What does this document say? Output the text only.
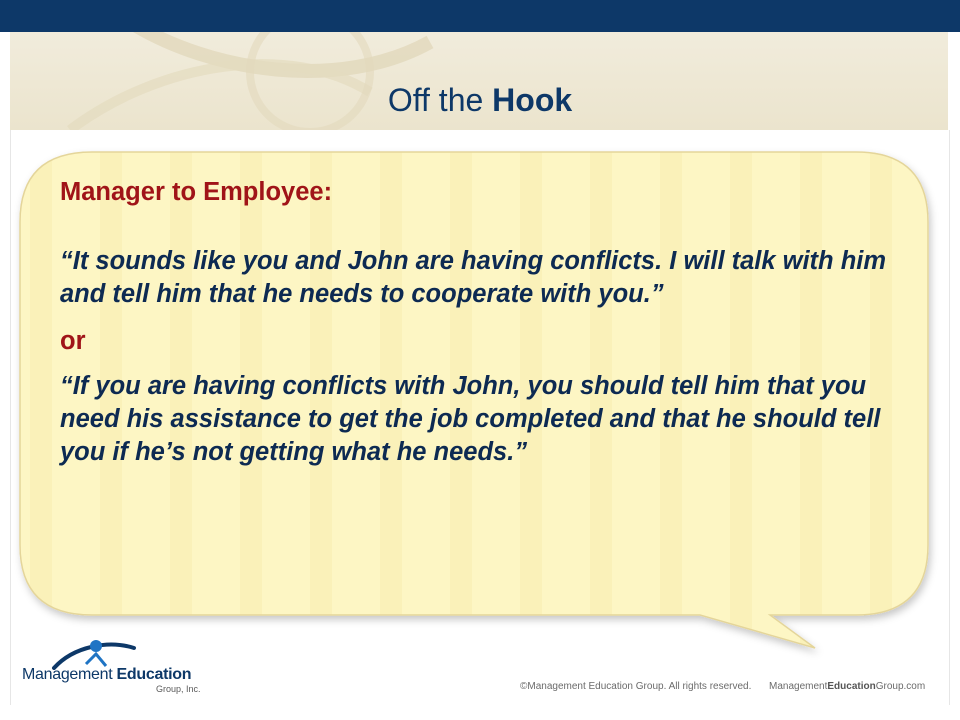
Off the Hook

Manager to Employee:

“It sounds like you and John are having conflicts. I will talk with him and tell him that he needs to cooperate with you.”

or

“If you are having conflicts with John, you should tell him that you need his assistance to get the job completed and that he should tell you if he’s not getting what he needs.”

Management Education
Group, Inc.	©Management Education Group. All rights reserved. ManagementEducationGroup.com
